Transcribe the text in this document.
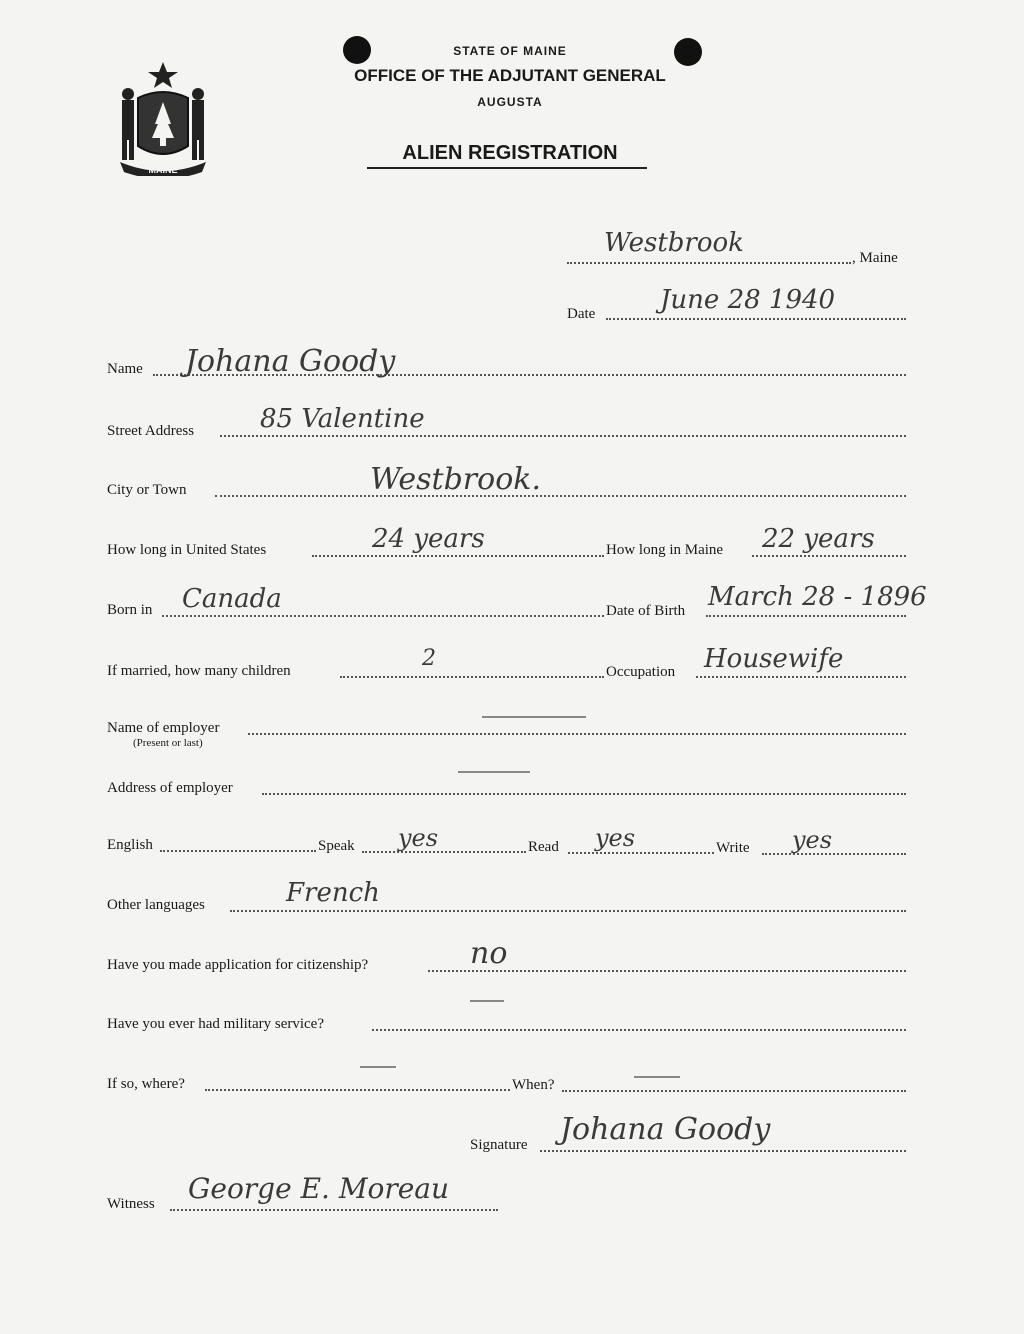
MAINE
STATE OF MAINE
OFFICE OF THE ADJUTANT GENERAL
AUGUSTA
ALIEN REGISTRATION
Westbrook	, Maine
Date June 28 1940
Name Johana Goody
Street Address	85 Valentine
City or Town	Westbrook.
How long in United States	24 years	How long in Maine 22 years
Born in Canada	Date of Birth March 28 - 1896
If married, how many children	2
Occupation Housewife
Name of employer
(Present or last)
Address of employer
English	Speak yes	Read yes	Write yes
Other languages	French
Have you made application for citizenship?	no
Have you ever had military service?
If so, where?	When?
Signature Johana Goody
Witness George E. Moreau
